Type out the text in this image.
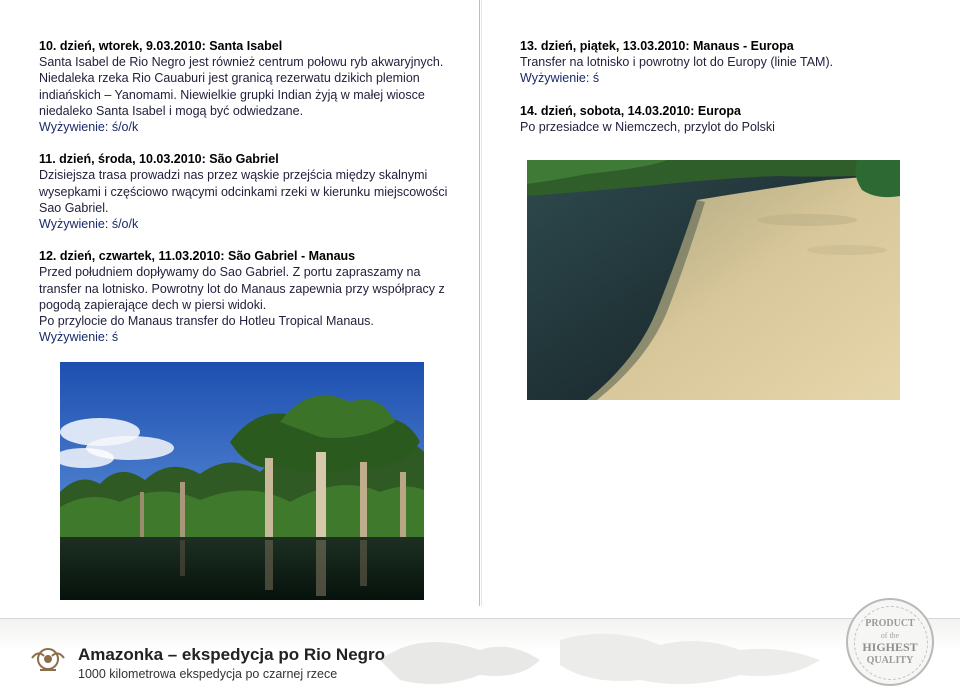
10. dzień, wtorek, 9.03.2010: Santa Isabel
Santa Isabel de Rio Negro jest również centrum połowu ryb akwaryjnych.
Niedaleka rzeka Rio Cauaburi jest granicą rezerwatu dzikich plemion
indiańskich – Yanomami. Niewielkie grupki Indian żyją w małej wiosce
niedaleko Santa Isabel i mogą być odwiedzane.
Wyżywienie: ś/o/k
11. dzień, środa, 10.03.2010: São Gabriel
Dzisiejsza trasa prowadzi nas przez wąskie przejścia między skalnymi
wysepkami i częściowo rwącymi odcinkami rzeki w kierunku miejscowości
Sao Gabriel.
Wyżywienie: ś/o/k
12. dzień, czwartek, 11.03.2010: São Gabriel - Manaus
Przed południem dopływamy do Sao Gabriel. Z portu zapraszamy na
transfer na lotnisko. Powrotny lot do Manaus zapewnia przy współpracy z
pogodą zapierające dech w piersi widoki.
Po przylocie do Manaus transfer do Hotleu Tropical Manaus.
Wyżywienie: ś
13. dzień, piątek, 13.03.2010: Manaus - Europa
Transfer na lotnisko i powrotny lot do Europy (linie TAM).
Wyżywienie: ś
14. dzień, sobota, 14.03.2010: Europa
Po przesiadce w Niemczech, przylot do Polski
Amazonka – ekspedycja po Rio Negro
1000 kilometrowa ekspedycja po czarnej rzece
PRODUCT
of the
HIGHEST
QUALITY
